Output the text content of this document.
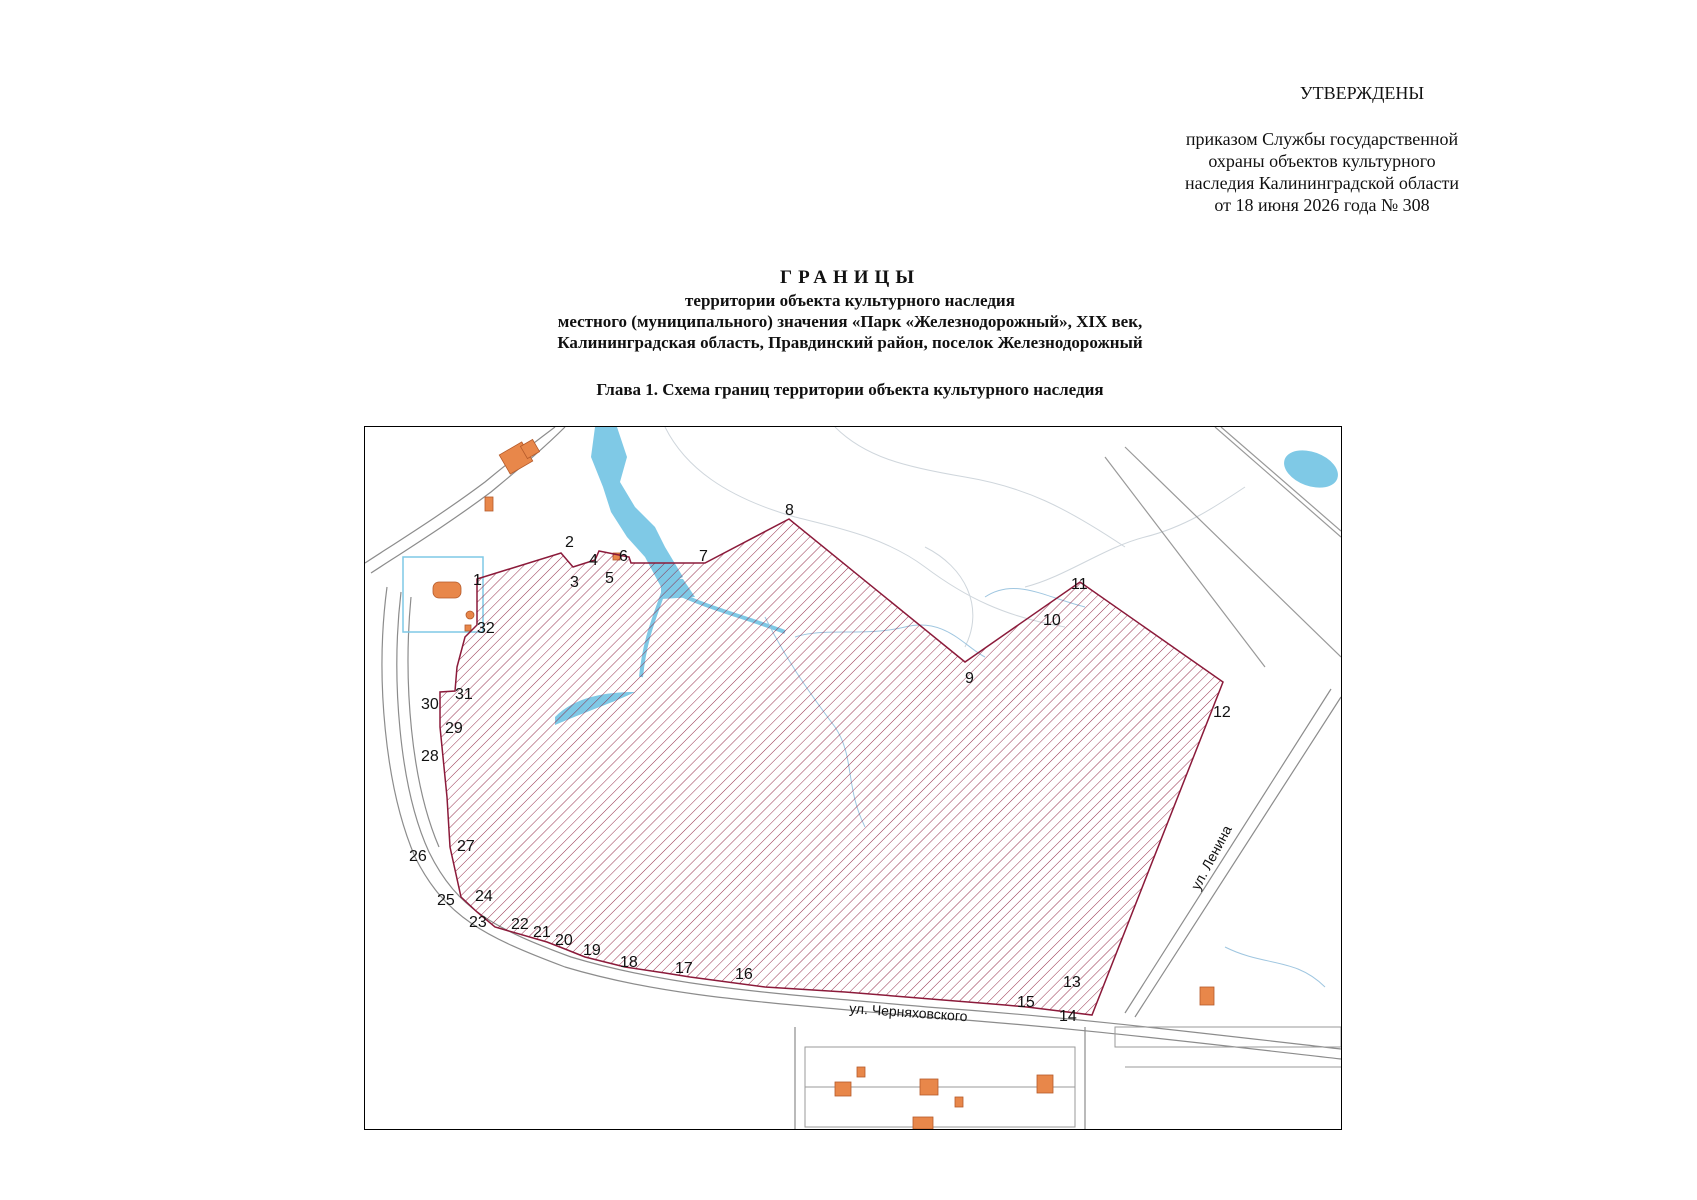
УТВЕРЖДЕНЫ
приказом Службы государственной
охраны объектов культурного
наследия Калининградской области
от 18 июня 2026 года № 308
ГРАНИЦЫ
территории объекта культурного наследия
местного (муниципального) значения «Парк «Железнодорожный», XIX век,
Калининградская область, Правдинский район, поселок Железнодорожный
Глава 1. Схема границ территории объекта культурного наследия
1
2
3
4
5
6	7
8
9
10
11
12
13
14
15
16
17
18
19
20
21
22
23
24
25
26
27
28
29
30
31
32
ул. Ленина
ул. Черняховского
